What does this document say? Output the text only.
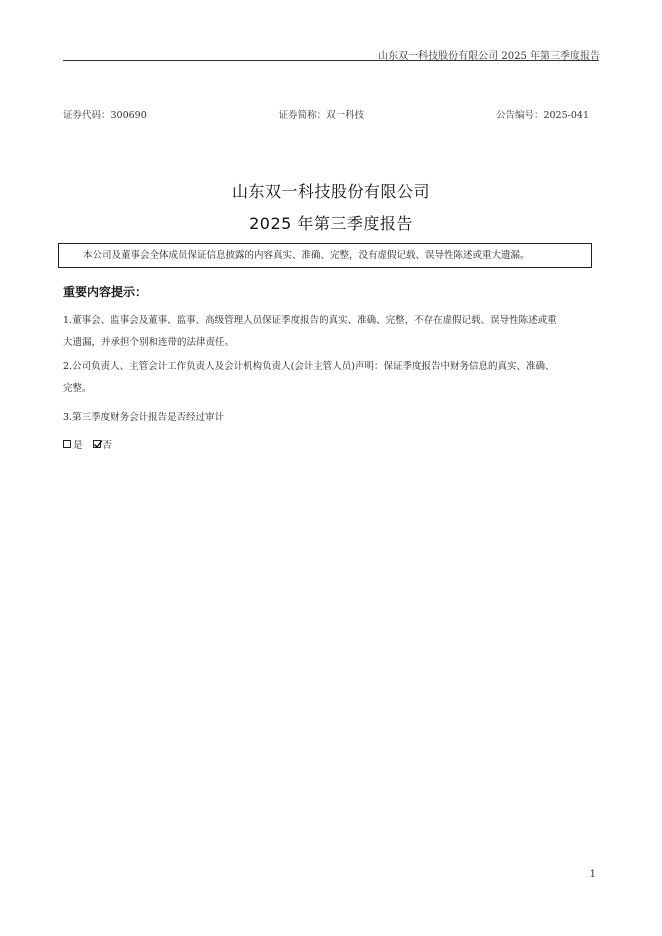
山东双一科技股份有限公司 2025 年第三季度报告
证券代码：300690	证券简称：双一科技	公告编号：2025-041
山东双一科技股份有限公司
2025 年第三季度报告
本公司及董事会全体成员保证信息披露的内容真实、准确、完整，没有虚假记载、误导性陈述或重大遗漏。
重要内容提示：
1.董事会、监事会及董事、监事、高级管理人员保证季度报告的真实、准确、完整，不存在虚假记载、误导性陈述或重
大遗漏，并承担个别和连带的法律责任。
2.公司负责人、主管会计工作负责人及会计机构负责人(会计主管人员)声明：保证季度报告中财务信息的真实、准确、
完整。
3.第三季度财务会计报告是否经过审计
是 否
1
